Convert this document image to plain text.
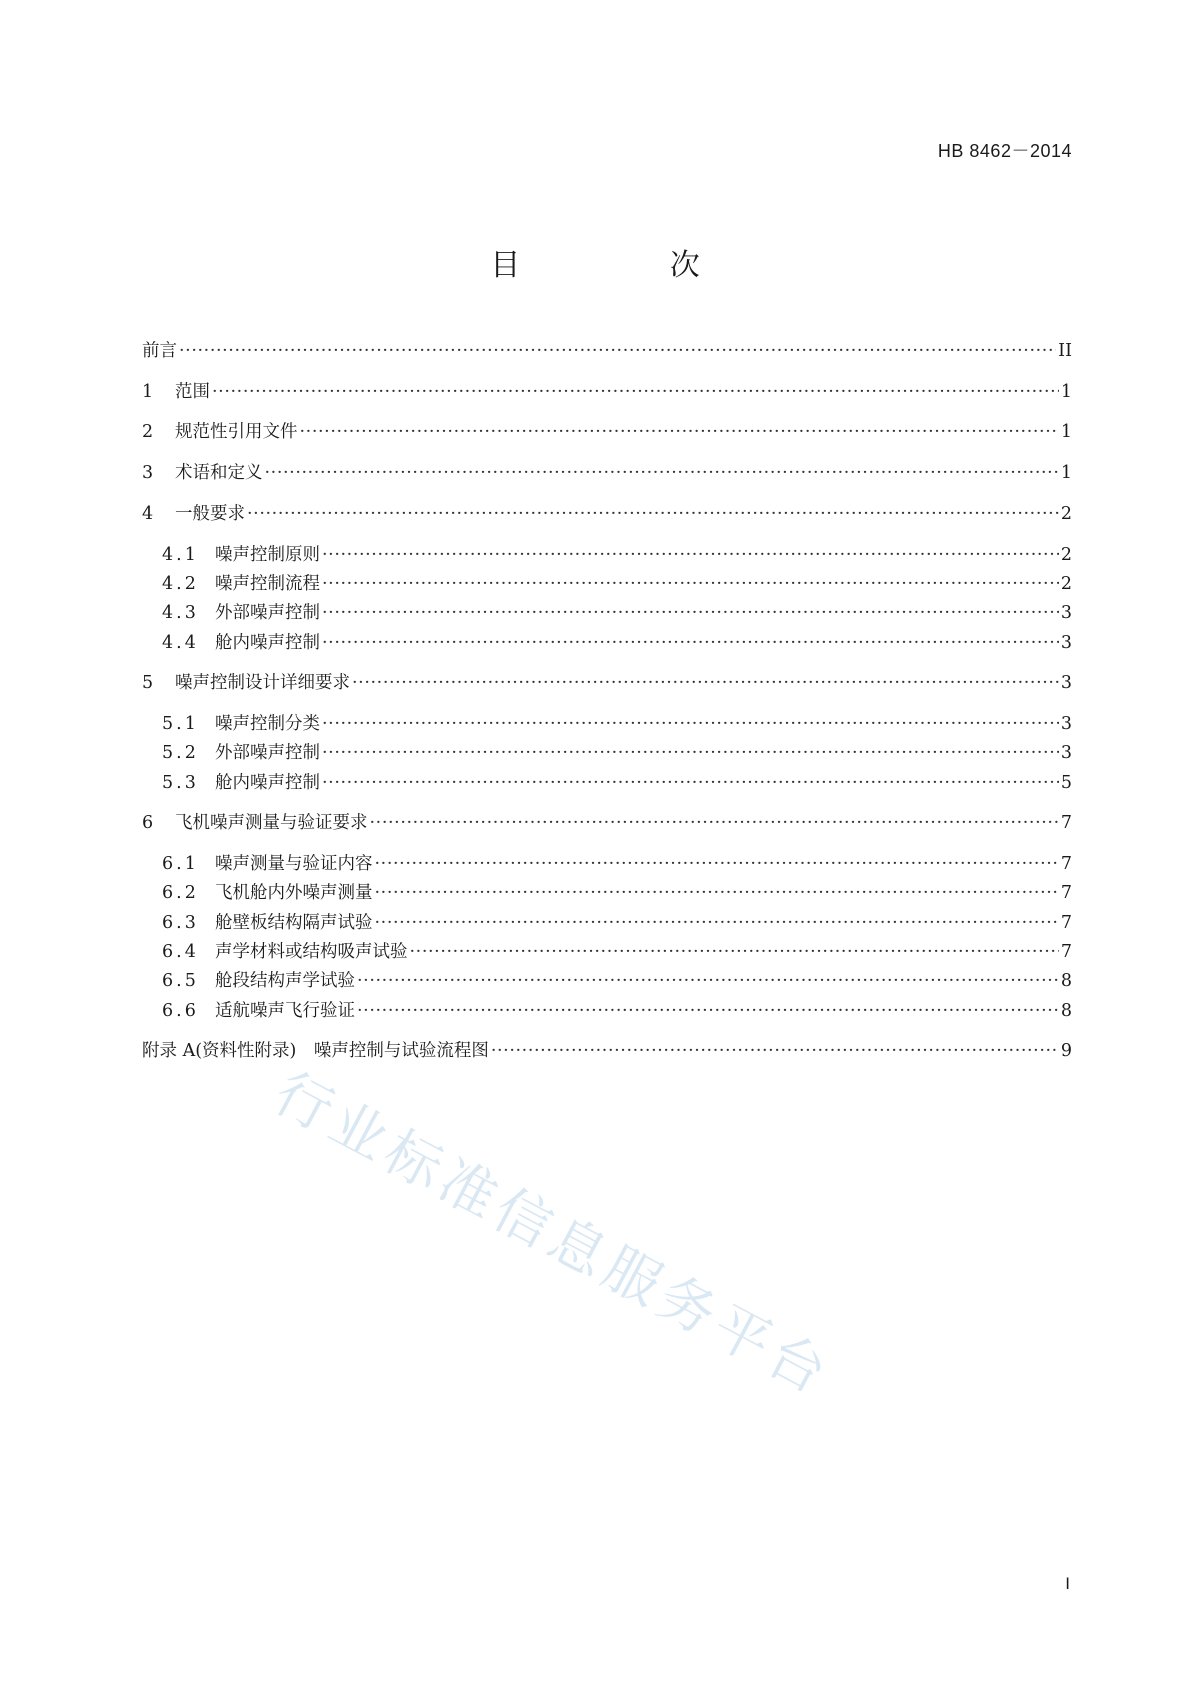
HB 8462－2014
目 次
前言 ·····	II
1	范围 ·····	1
2	规范性引用文件 ·····	1
3	术语和定义 ·····	1
4	一般要求 ·····	2
4.1 噪声控制原则 ·····	2
4.2 噪声控制流程 ·····	2
4.3 外部噪声控制 ·····	3
4.4 舱内噪声控制 ·····	3
5	噪声控制设计详细要求 ·····	3
5.1 噪声控制分类 ·····	3
5.2 外部噪声控制 ·····	3
5.3 舱内噪声控制 ·····	5
6	飞机噪声测量与验证要求 ·····	7
6.1 噪声测量与验证内容 ·····	7
6.2 飞机舱内外噪声测量 ·····	7
6.3 舱壁板结构隔声试验 ·····	7
6.4 声学材料或结构吸声试验 ·····	7
6.5 舱段结构声学试验 ·····	8
6.6 适航噪声飞行验证 ·····	8
附录 A(资料性附录)　噪声控制与试验流程图 ·····	9
I
行业标准信息服务平台
